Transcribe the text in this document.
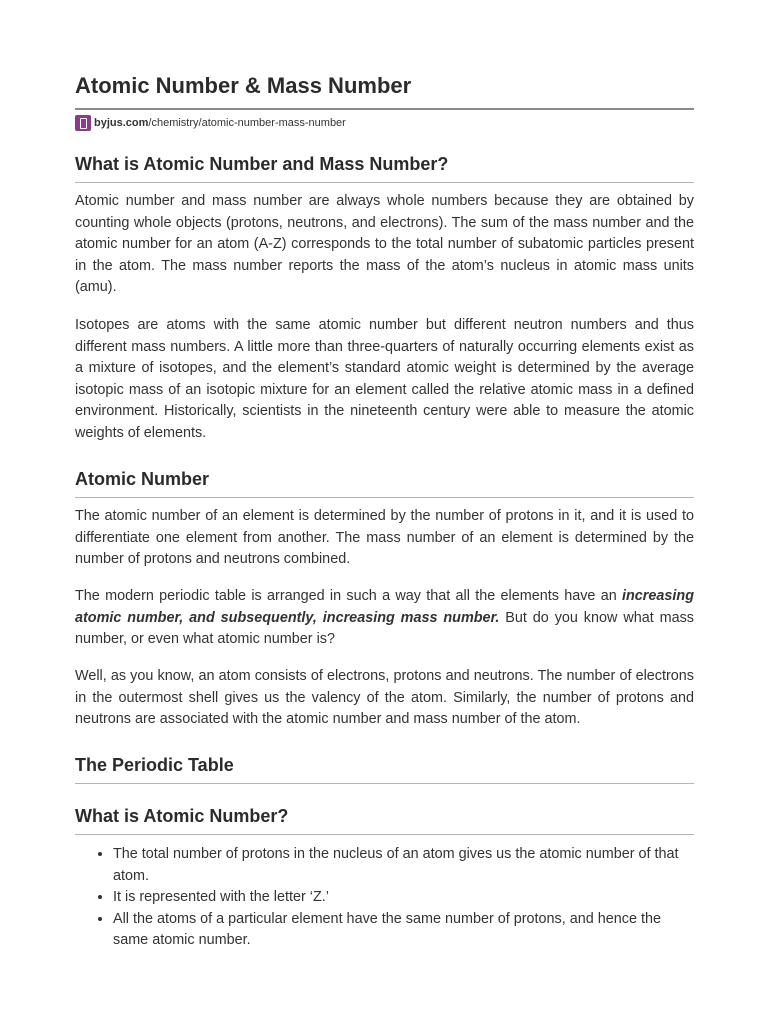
Atomic Number & Mass Number
byjus.com /chemistry/atomic-number-mass-number
What is Atomic Number and Mass Number?

Atomic number and mass number are always whole numbers because they are obtained by counting whole objects (protons, neutrons, and electrons). The sum of the mass number and the atomic number for an atom (A-Z) corresponds to the total number of subatomic particles present in the atom. The mass number reports the mass of the atom’s nucleus in atomic mass units (amu).

Isotopes are atoms with the same atomic number but different neutron numbers and thus different mass numbers. A little more than three-quarters of naturally occurring elements exist as a mixture of isotopes, and the element’s standard atomic weight is determined by the average isotopic mass of an isotopic mixture for an element called the relative atomic mass in a defined environment. Historically, scientists in the nineteenth century were able to measure the atomic weights of elements.

Atomic Number

The atomic number of an element is determined by the number of protons in it, and it is used to differentiate one element from another. The mass number of an element is determined by the number of protons and neutrons combined.

The modern periodic table is arranged in such a way that all the elements have an increasing atomic number, and subsequently, increasing mass number. But do you know what mass number, or even what atomic number is?

Well, as you know, an atom consists of electrons, protons and neutrons. The number of electrons in the outermost shell gives us the valency of the atom. Similarly, the number of protons and neutrons are associated with the atomic number and mass number of the atom.

The Periodic Table
What is Atomic Number?
• The total number of protons in the nucleus of an atom gives us the atomic number of that atom.
• It is represented with the letter ‘Z.’
• All the atoms of a particular element have the same number of protons, and hence the same atomic number.
